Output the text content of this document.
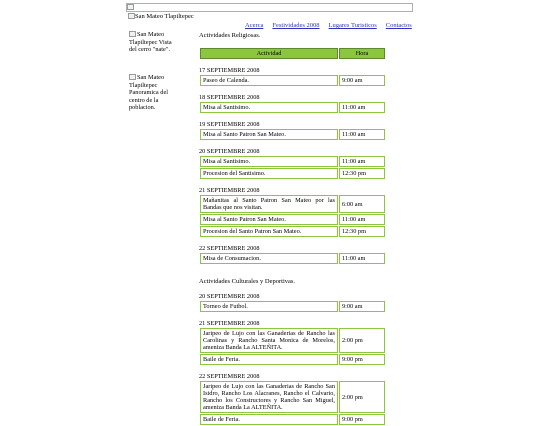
San Mateo Tlapiltepec
Acerca Festividades 2008 Lugares Turisticos Contactos
San Mateo Tlapiltepec Vista del cerro "nate".
San Mateo Tlapiltepec Panoramica del centro de la poblacion.
Actividades Religiosas.
Actividad	Hora
17 SEPTIEMBRE 2008
Paseo de Calenda.	9:00 am
18 SEPTIEMBRE 2008
Misa al Santisimo.	11:00 am
19 SEPTIEMBRE 2008
Misa al Santo Patron San Mateo.	11:00 am
20 SEPTIEMBRE 2008
Misa al Santisimo.	11:00 am
Procesion del Santisimo.	12:30 pm
21 SEPTIEMBRE 2008
Mañanitas al Santo Patron San Mateo por las Bandas que nos visitan.	6:00 am
Misa al Santo Patron San Mateo.	11:00 am
Procesion del Santo Patron San Mateo.	12:30 pm
22 SEPTIEMBRE 2008
Misa de Consumacion.	11:00 am
Actividades Culturales y Deportivas.
20 SEPTIEMBRE 2008
Torneo de Futbol.	9:00 am
21 SEPTIEMBRE 2008
Jaripeo de Lujo con las Ganaderias de Rancho las Carolinas y Rancho Santa Monica de Morelos, ameniza Banda La ALTEÑITA.	2:00 pm
Baile de Feria.	9:00 pm
22 SEPTIEMBRE 2008
Jaripeo de Lujo con las Ganaderias de Rancho San Isidro, Rancho Los Alacranes, Rancho el Calvario, Rancho los Constructores y Rancho San Miguel, ameniza Banda La ALTEÑITA.	2:00 pm
Baile de Feria.	9:00 pm
